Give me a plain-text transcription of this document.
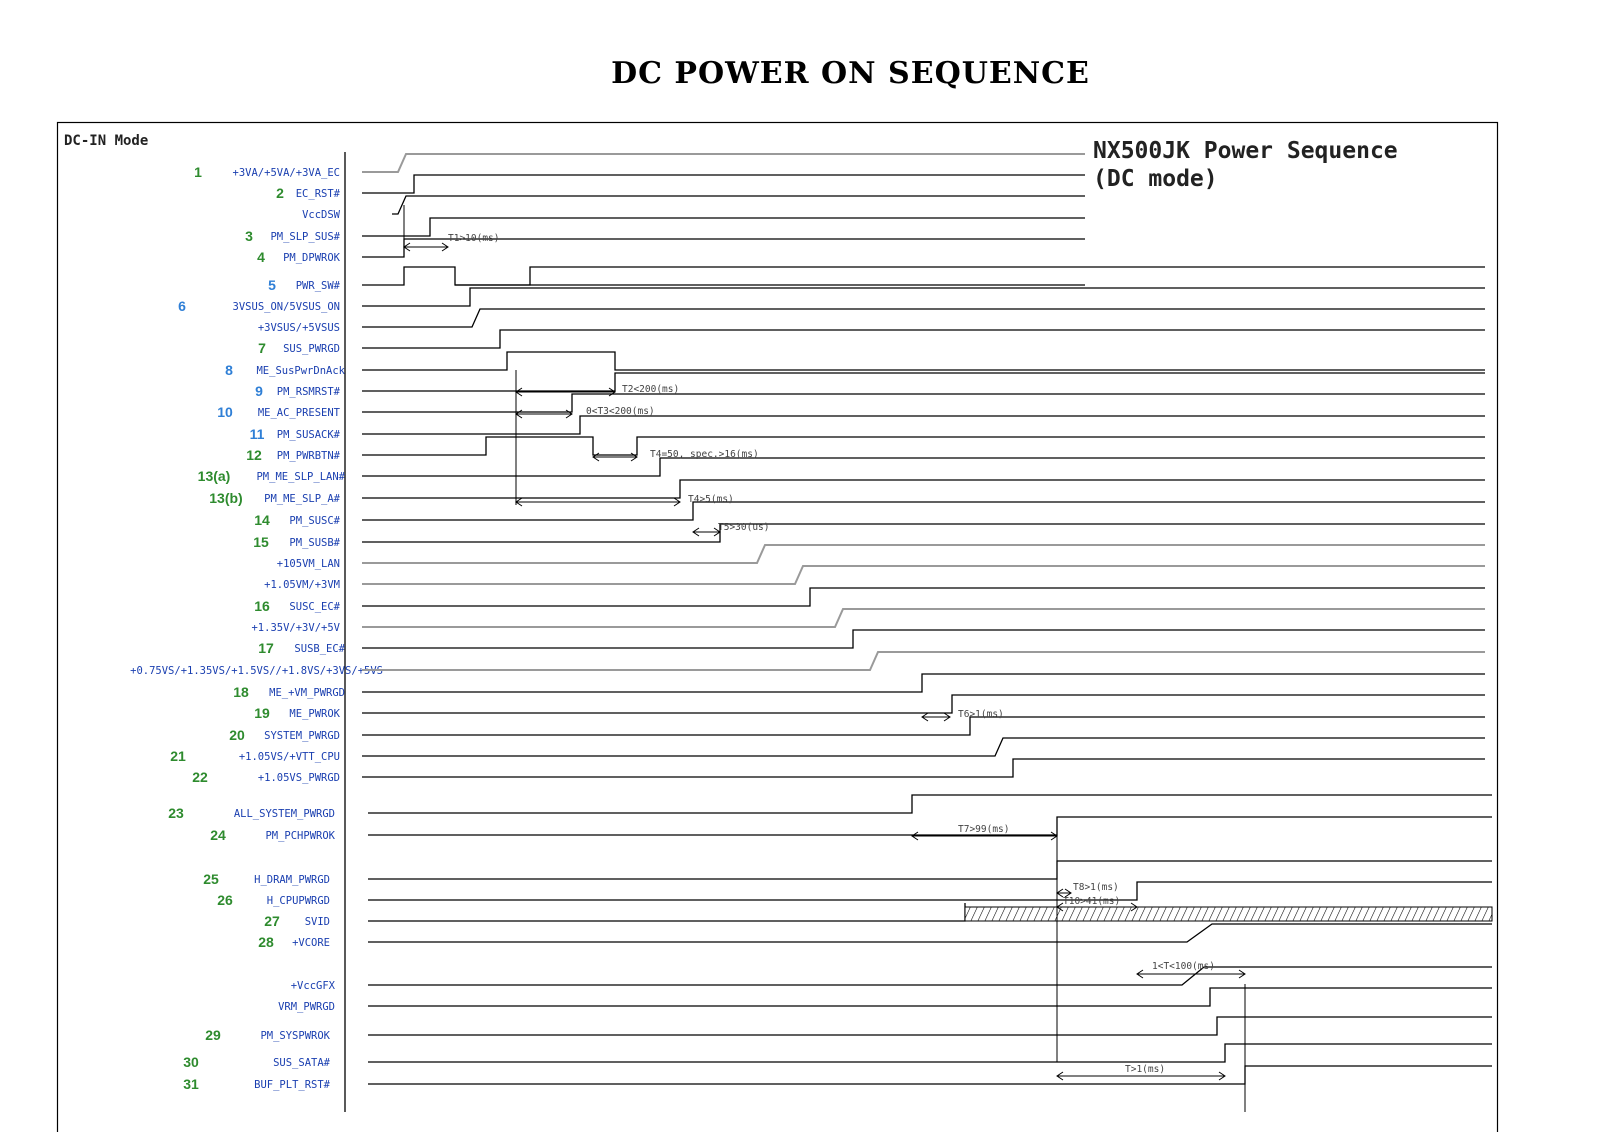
DC POWER ON SEQUENCE
DC-IN Mode	NX500JK Power Sequence
(DC mode)
+3VA/+5VA/+3VA_EC
1
EC_RST#
2
VccDSW
PM_SLP_SUS#
3
PM_DPWROK
4
PWR_SW#
5
3VSUS_ON/5VSUS_ON
6
+3VSUS/+5VSUS
SUS_PWRGD
7
ME_SusPwrDnAck
8
PM_RSMRST#
9
ME_AC_PRESENT
10
PM_SUSACK#
11
PM_PWRBTN#
12
PM_ME_SLP_LAN#
13(a)
PM_ME_SLP_A#
13(b)
PM_SUSC#
14
PM_SUSB#
15
+105VM_LAN
+1.05VM/+3VM
SUSC_EC#
16
+1.35V/+3V/+5V
SUSB_EC#
17
+0.75VS/+1.35VS/+1.5VS//+1.8VS/+3VS/+5VS
ME_+VM_PWRGD
18
ME_PWROK
19
SYSTEM_PWRGD
20
+1.05VS/+VTT_CPU
21
+1.05VS_PWRGD
22
ALL_SYSTEM_PWRGD
23
PM_PCHPWROK
24
H_DRAM_PWRGD
25
H_CPUPWRGD
26
SVID
27
+VCORE
28
+VccGFX
VRM_PWRGD
PM_SYSPWROK
29
SUS_SATA#
30
BUF_PLT_RST#
31
T1>10(ms)
T2<200(ms)
0<T3<200(ms)
T4=50, spec.>16(ms)
T4>5(ms)
T5>30(us)
T6>1(ms)
T7>99(ms)
T8>1(ms)
T10>41(ms)
1<T<100(ms)
T>1(ms)
